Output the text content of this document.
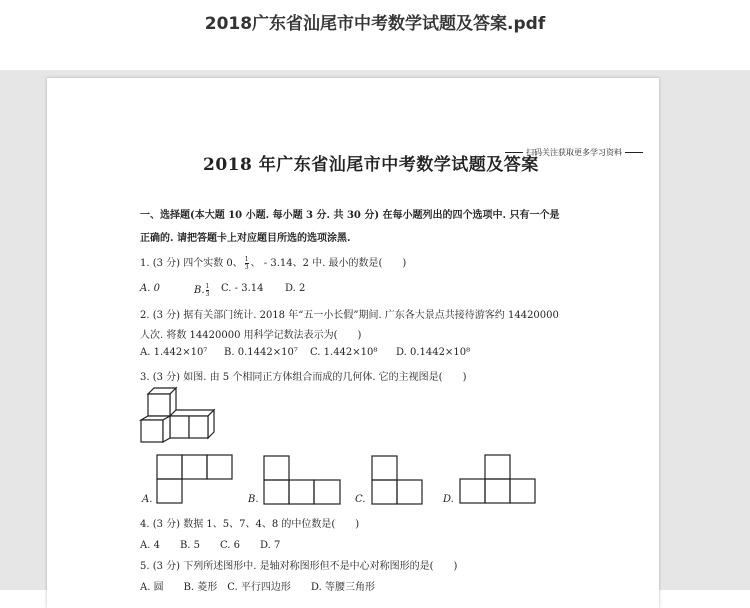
2018广东省汕尾市中考数学试题及答案.pdf
2018 年广东省汕尾市中考数学试题及答案
扫码关注获取更多学习资料
一、选择题(本大题 10 小题. 每小题 3 分. 共 30 分) 在每小题列出的四个选项中. 只有一个是
正确的. 请把答题卡上对应题目所选的选项涂黑.
1. (3 分) 四个实数 0、 $\frac{1}{3}$ 、 - 3.14、2 中. 最小的数是(　　)
A. 0	B. 1
3
C. - 3.14 D. 2
2. (3 分) 据有关部门统计. 2018 年“五一小长假”期间. 广东各大景点共接待游客约 14420000
人次. 将数 14420000 用科学记数法表示为(　　)
A. 1.442×10⁷ B. 0.1442×10⁷ C. 1.442×10⁸ D. 0.1442×10⁸
3. (3 分) 如图. 由 5 个相同正方体组合而成的几何体. 它的主视图是(　　)
A.	B.	C.	D.
4. (3 分) 数据 1、5、7、4、8 的中位数是(　　)
A. 4　　B. 5　　C. 6　　D. 7
5. (3 分) 下列所述图形中. 是轴对称图形但不是中心对称图形的是(　　)
A. 圆　　B. 菱形　C. 平行四边形　　D. 等腰三角形
